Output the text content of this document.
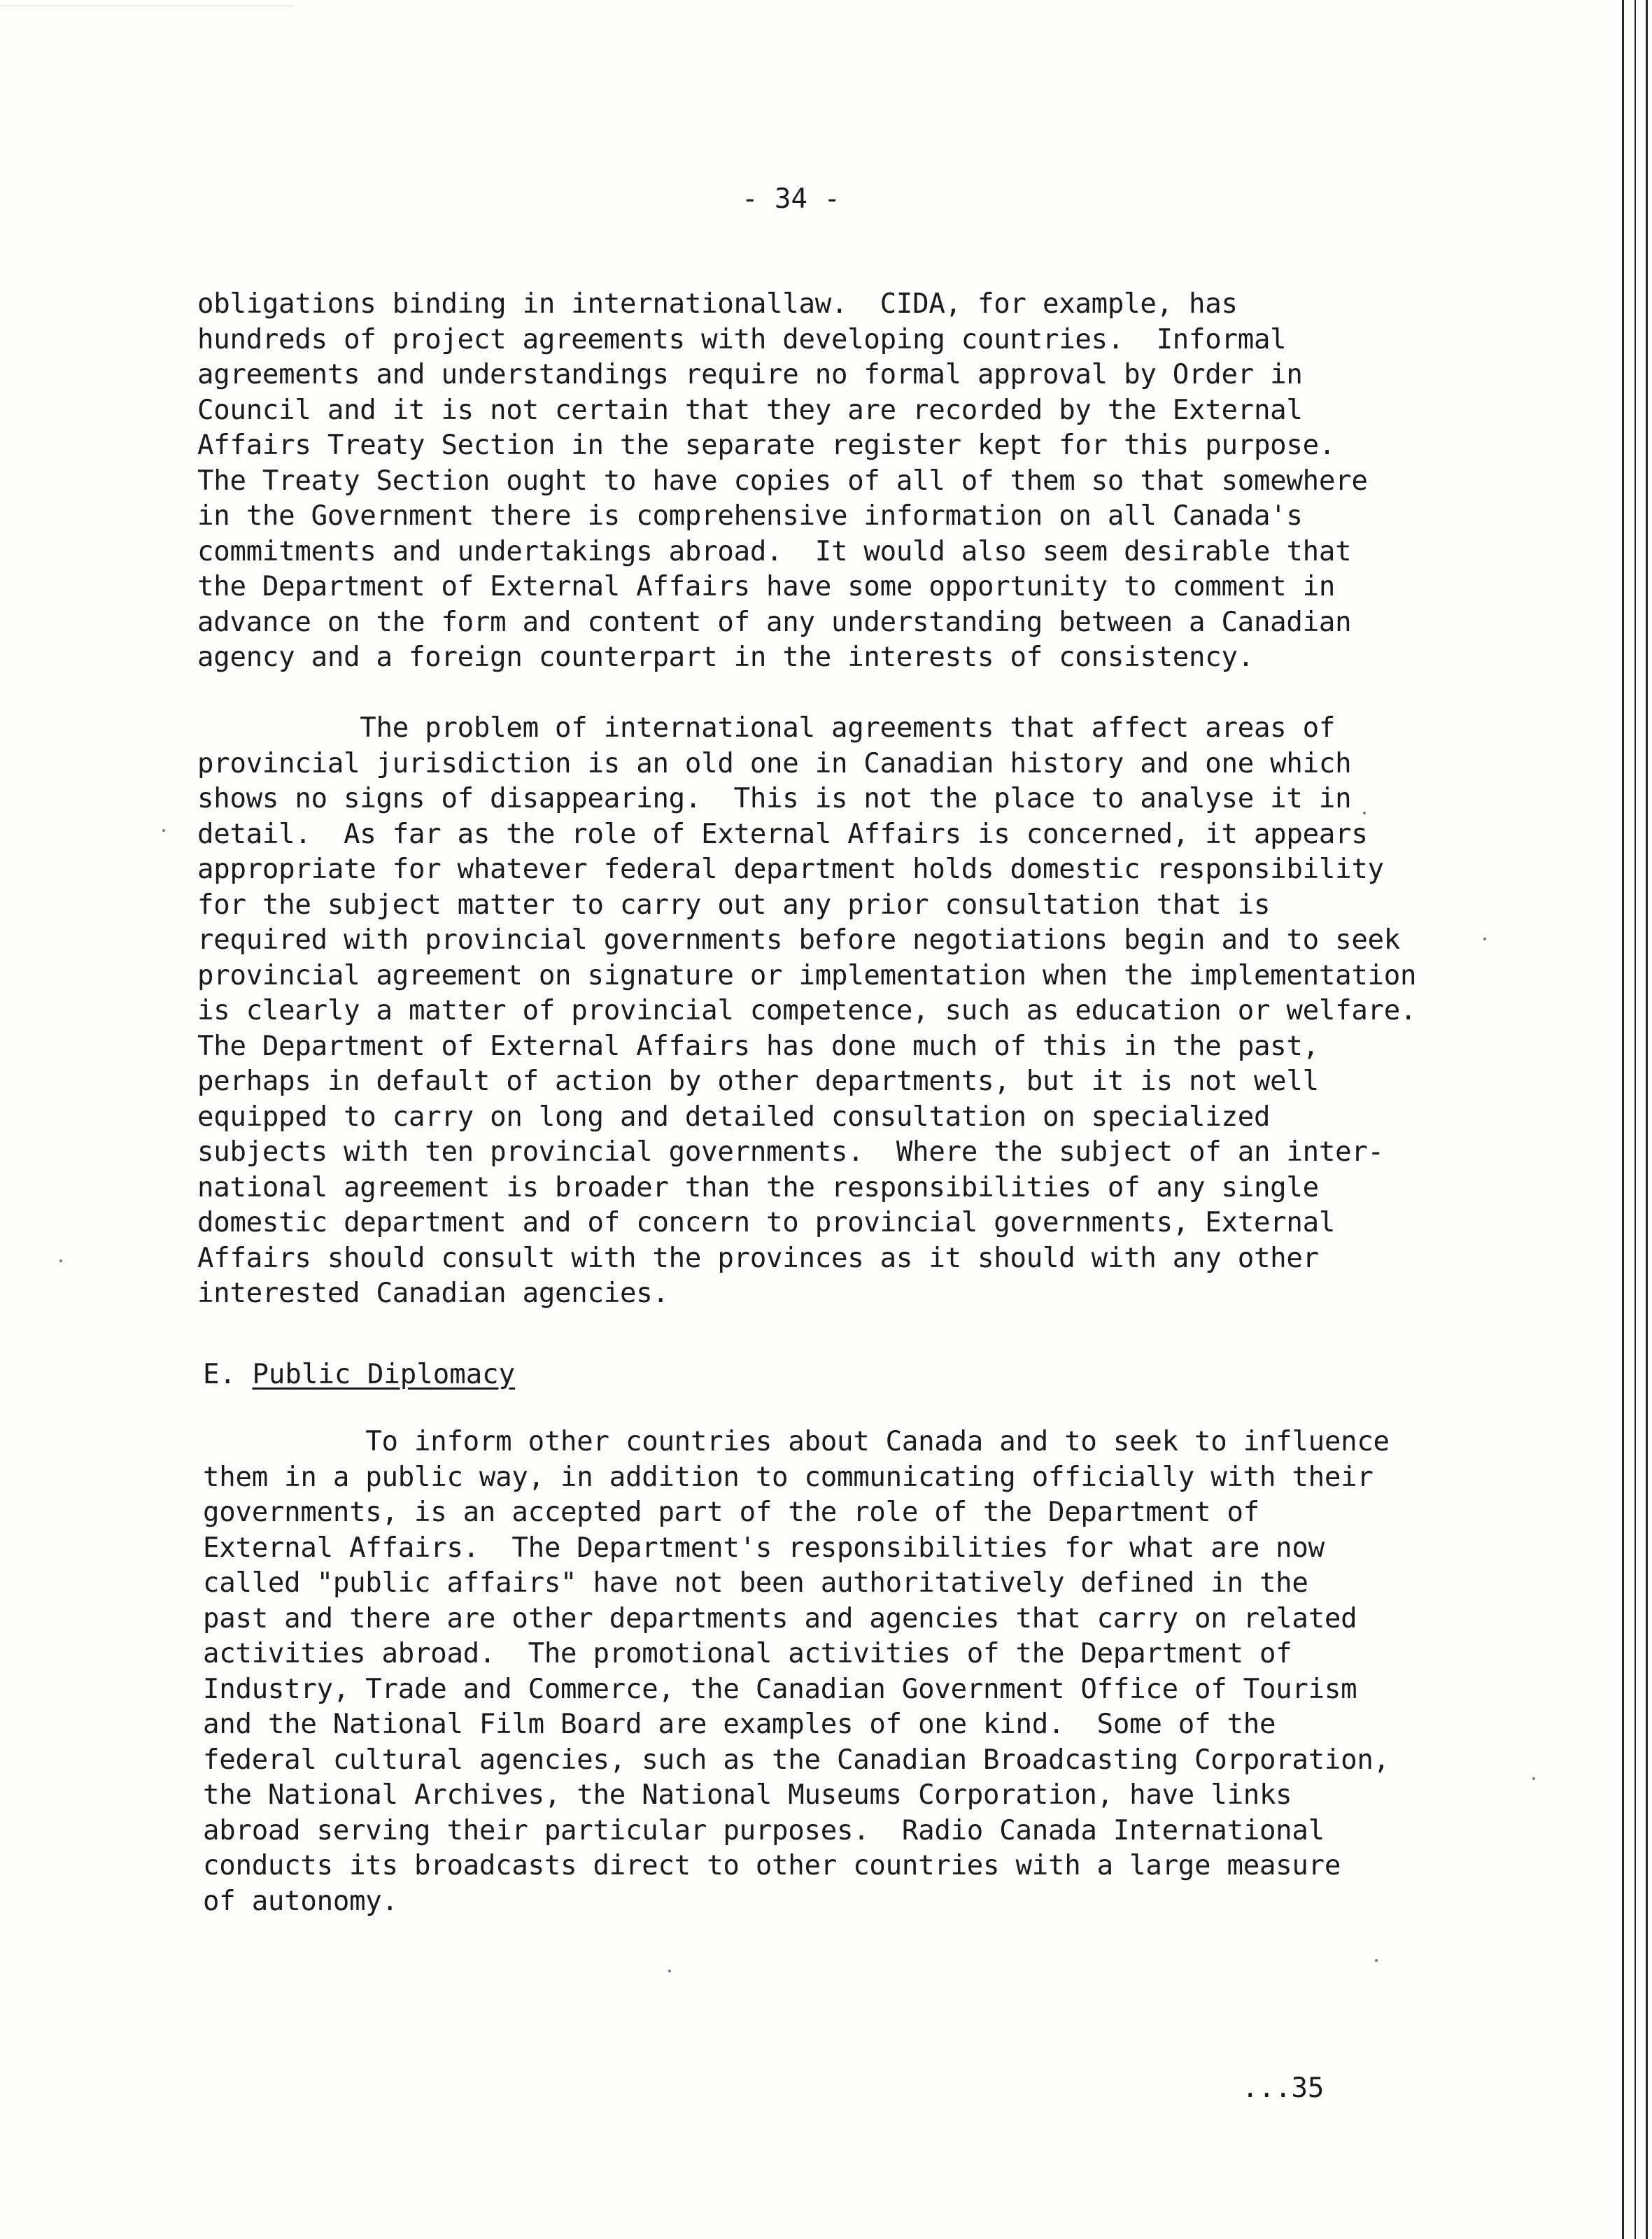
- 34 -

obligations binding in internationallaw.  CIDA, for example, has
hundreds of project agreements with developing countries.  Informal
agreements and understandings require no formal approval by Order in
Council and it is not certain that they are recorded by the External
Affairs Treaty Section in the separate register kept for this purpose.
The Treaty Section ought to have copies of all of them so that somewhere
in the Government there is comprehensive information on all Canada's
commitments and undertakings abroad.  It would also seem desirable that
the Department of External Affairs have some opportunity to comment in
advance on the form and content of any understanding between a Canadian
agency and a foreign counterpart in the interests of consistency.

The problem of international agreements that affect areas of
provincial jurisdiction is an old one in Canadian history and one which
shows no signs of disappearing.  This is not the place to analyse it in
detail.  As far as the role of External Affairs is concerned, it appears
appropriate for whatever federal department holds domestic responsibility
for the subject matter to carry out any prior consultation that is
required with provincial governments before negotiations begin and to seek
provincial agreement on signature or implementation when the implementation
is clearly a matter of provincial competence, such as education or welfare.
The Department of External Affairs has done much of this in the past,
perhaps in default of action by other departments, but it is not well
equipped to carry on long and detailed consultation on specialized
subjects with ten provincial governments.  Where the subject of an inter-
national agreement is broader than the responsibilities of any single
domestic department and of concern to provincial governments, External
Affairs should consult with the provinces as it should with any other
interested Canadian agencies.

E. Public Diplomacy

To inform other countries about Canada and to seek to influence
them in a public way, in addition to communicating officially with their
governments, is an accepted part of the role of the Department of
External Affairs.  The Department's responsibilities for what are now
called "public affairs" have not been authoritatively defined in the
past and there are other departments and agencies that carry on related
activities abroad.  The promotional activities of the Department of
Industry, Trade and Commerce, the Canadian Government Office of Tourism
and the National Film Board are examples of one kind.  Some of the
federal cultural agencies, such as the Canadian Broadcasting Corporation,
the National Archives, the National Museums Corporation, have links
abroad serving their particular purposes.  Radio Canada International
conducts its broadcasts direct to other countries with a large measure
of autonomy.

...35
